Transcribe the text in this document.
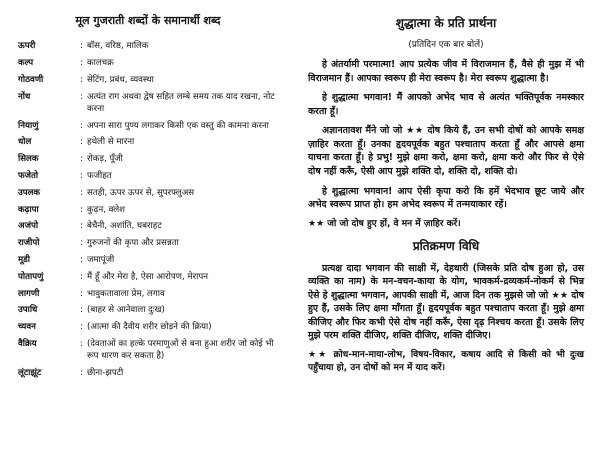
मूल गुजराती शब्दों के समानार्थी शब्द
ऊपरी	: बॉस, वरिष्ठ, मालिक
कल्प	: कालचक्र
गोठवणी	: सेटिंग, प्रबंध, व्यवस्था
नोंध	: अत्यंत राग अथवा द्वेष सहित लम्बे समय तक याद रखना, नोट करना
नियाणुं	: अपना सारा पुण्य लगाकर किसी एक वस्तु की कामना करना
धोल	: हथेली से मारना
सिलक	: रोकड़, पूँजी
फजेतो	: फजीहत
उपलक	: सतही, ऊपर ऊपर से, सुपरफ्लुअस
कढ़ापा	: कुढ़न, क्लेश
अजंपो	: बेचैनी, अशांति, घबराहट
राजीपो	: गुरुजनों की कृपा और प्रसन्नता
मूडी	: जमापूंजी
पोतापणुं	: मैं हूँ और मेरा है, ऐसा आरोपण, मेरापन
लागणी	: भावुकतावाला प्रेम, लगाव
उपाधि	: (बाहर से आनेवाला दुःख)
च्यवन	: (आत्मा की दैवीय शरीर छोड़ने की क्रिया)
वैक्रिय	: (देवताओं का हल्के परमाणुओं से बना हुआ शरीर जो कोई भी रूप धारण कर सकता है)
लूंटाझूंट	: छीना-झपटी
शुद्धात्मा के प्रति प्रार्थना
(प्रतिदिन एक बार बोलें)

हे अंतर्यामी परमात्मा! आप प्रत्येक जीव में विराजमान हैं, वैसे ही मुझ में भी विराजमान हैं। आपका स्वरूप ही मेरा स्वरूप है। मेरा स्वरूप शुद्धात्मा है।

हे शुद्धात्मा भगवान! मैं आपको अभेद भाव से अत्यंत भक्तिपूर्वक नमस्कार करता हूँ।

अज्ञानतावश मैंने जो जो ★★ दोष किये हैं, उन सभी दोषों को आपके समक्ष ज़ाहिर करता हूँ। उनका हृदयपूर्वक बहुत पश्चाताप करता हूँ और आपसे क्षमा याचना करता हूँ। हे प्रभु! मुझे क्षमा करो, क्षमा करो, क्षमा करो और फिर से ऐसे दोष नहीं करूँ, ऐसी आप मुझे शक्ति दो, शक्ति दो, शक्ति दो।

हे शुद्धात्मा भगवान! आप ऐसी कृपा करो कि हमें भेदभाव छूट जाये और अभेद स्वरूप प्राप्त हो। हम अभेद स्वरूप में तन्मयाकार रहें।

★★ जो जो दोष हुए हों, वे मन में ज़ाहिर करें।
प्रतिक्रमण विधि

प्रत्यक्ष दादा भगवान की साक्षी में, देहधारी (जिसके प्रति दोष हुआ हो, उस व्यक्ति का नाम) के मन-वचन-काया के योग, भावकर्म-द्रव्यकर्म-नोकर्म से भिन्न ऐसे हे शुद्धात्मा भगवान, आपकी साक्षी में, आज दिन तक मुझसे जो जो ★★ दोष हुए हैं, उसके लिए क्षमा माँगता हूँ। हृदयपूर्वक बहुत पश्चाताप करता हूँ। मुझे क्षमा कीजिए और फिर कभी ऐसे दोष नहीं करूँ, ऐसा दृढ़ निश्चय करता हूँ। उसके लिए मुझे परम शक्ति दीजिए, शक्ति दीजिए, शक्ति दीजिए।

★★ क्रोध-मान-माया-लोभ, विषय-विकार, कषाय आदि से किसी को भी दुःख पहुँचाया हो, उन दोषों को मन में याद करें।
